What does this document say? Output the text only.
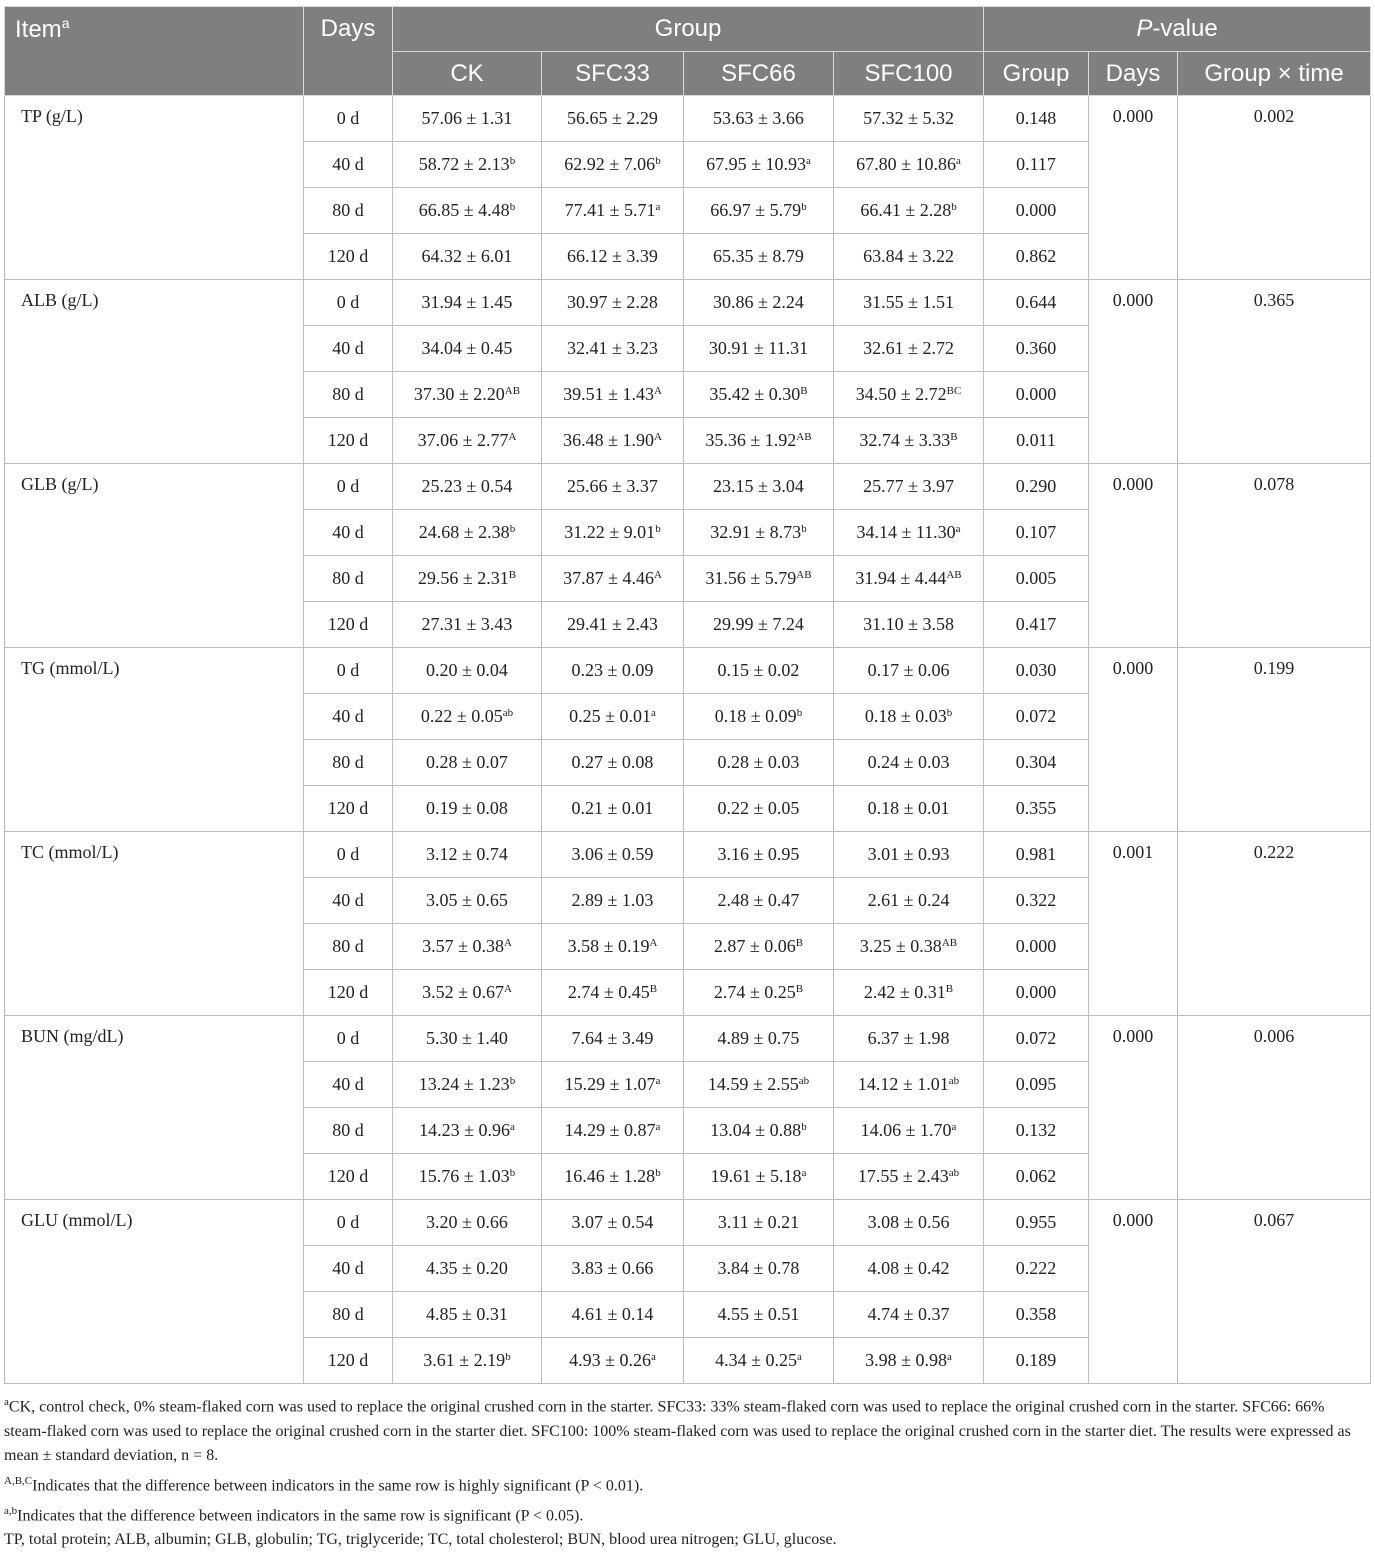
Item$^a$	Days	Group				P-value		
		CK	SFC33	SFC66	SFC100	Group	Days	Group × time
TP (g/L)	0 d	57.06 ± 1.31	56.65 ± 2.29	53.63 ± 3.66	57.32 ± 5.32	0.148	0.000	0.002
	40 d	58.72 ± 2.13$^b$	62.92 ± 7.06$^b$	67.95 ± 10.93$^a$	67.80 ± 10.86$^a$	0.117		
	80 d	66.85 ± 4.48$^b$	77.41 ± 5.71$^a$	66.97 ± 5.79$^b$	66.41 ± 2.28$^b$	0.000		
	120 d	64.32 ± 6.01	66.12 ± 3.39	65.35 ± 8.79	63.84 ± 3.22	0.862		
ALB (g/L)	0 d	31.94 ± 1.45	30.97 ± 2.28	30.86 ± 2.24	31.55 ± 1.51	0.644	0.000	0.365
	40 d	34.04 ± 0.45	32.41 ± 3.23	30.91 ± 11.31	32.61 ± 2.72	0.360		
	80 d	$37.30 \pm 2.20^{AB}$	$39.51 \pm 1.43^A$	$35.42 \pm 0.30^B$	$34.50 \pm 2.72^{BC}$	0.000		
	120 d	$37.06 \pm 2.77^A$	$36.48 \pm 1.90^A$	$35.36 \pm 1.92^{AB}$	$32.74 \pm 3.33^B$	0.011		
GLB (g/L)	0 d	25.23 ± 0.54	25.66 ± 3.37	23.15 ± 3.04	25.77 ± 3.97	0.290	0.000	0.078
	40 d	24.68 ± 2.38$^b$	31.22 ± 9.01$^b$	32.91 ± 8.73$^b$	34.14 ± 11.30$^a$	0.107		
	80 d	$29.56 \pm 2.31^B$	$37.87 \pm 4.46^A$	$31.56 \pm 5.79^{AB}$	$31.94 \pm 4.44^{AB}$	0.005		
	120 d	27.31 ± 3.43	29.41 ± 2.43	29.99 ± 7.24	31.10 ± 3.58	0.417		
TG (mmol/L)	0 d	0.20 ± 0.04	0.23 ± 0.09	0.15 ± 0.02	0.17 ± 0.06	0.030	0.000	0.199
	40 d	0.22 ± 0.05$^{ab}$	0.25 ± 0.01$^a$	0.18 ± 0.09$^b$	0.18 ± 0.03$^b$	0.072		
	80 d	0.28 ± 0.07	0.27 ± 0.08	0.28 ± 0.03	0.24 ± 0.03	0.304		
	120 d	0.19 ± 0.08	0.21 ± 0.01	0.22 ± 0.05	0.18 ± 0.01	0.355		
TC (mmol/L)	0 d	3.12 ± 0.74	3.06 ± 0.59	3.16 ± 0.95	3.01 ± 0.93	0.981	0.001	0.222
	40 d	3.05 ± 0.65	2.89 ± 1.03	2.48 ± 0.47	2.61 ± 0.24	0.322		
	80 d	$3.57 \pm 0.38^A$	$3.58 \pm 0.19^A$	$2.87 \pm 0.06^B$	$3.25 \pm 0.38^{AB}$	0.000		
	120 d	$3.52 \pm 0.67^A$	$2.74 \pm 0.45^B$	$2.74 \pm 0.25^B$	$2.42 \pm 0.31^B$	0.000		
BUN (mg/dL)	0 d	5.30 ± 1.40	7.64 ± 3.49	4.89 ± 0.75	6.37 ± 1.98	0.072	0.000	0.006
	40 d	13.24 ± 1.23$^b$	15.29 ± 1.07$^a$	14.59 ± 2.55$^{ab}$	14.12 ± 1.01$^{ab}$	0.095		
	80 d	14.23 ± 0.96$^a$	14.29 ± 0.87$^a$	13.04 ± 0.88$^b$	14.06 ± 1.70$^a$	0.132		
	120 d	15.76 ± 1.03$^b$	16.46 ± 1.28$^b$	19.61 ± 5.18$^a$	17.55 ± 2.43$^{ab}$	0.062		
GLU (mmol/L)	0 d	3.20 ± 0.66	3.07 ± 0.54	3.11 ± 0.21	3.08 ± 0.56	0.955	0.000	0.067
	40 d	4.35 ± 0.20	3.83 ± 0.66	3.84 ± 0.78	4.08 ± 0.42	0.222		
	80 d	4.85 ± 0.31	4.61 ± 0.14	4.55 ± 0.51	4.74 ± 0.37	0.358		
	120 d	3.61 ± 2.19$^b$	4.93 ± 0.26$^a$	4.34 ± 0.25$^a$	3.98 ± 0.98$^a$	0.189		

$^a$CK, control check, 0% steam-flaked corn was used to replace the original crushed corn in the starter. SFC33: 33% steam-flaked corn was used to replace the original crushed corn in the starter. SFC66: 66% steam-flaked corn was used to replace the original crushed corn in the starter diet. SFC100: 100% steam-flaked corn was used to replace the original crushed corn in the starter diet. The results were expressed as mean ± standard deviation, n = 8.

$^{A,B,C}$Indicates that the difference between indicators in the same row is highly significant (P < 0.01).

$^{a,b}$Indicates that the difference between indicators in the same row is significant (P < 0.05).

TP, total protein; ALB, albumin; GLB, globulin; TG, triglyceride; TC, total cholesterol; BUN, blood urea nitrogen; GLU, glucose.
